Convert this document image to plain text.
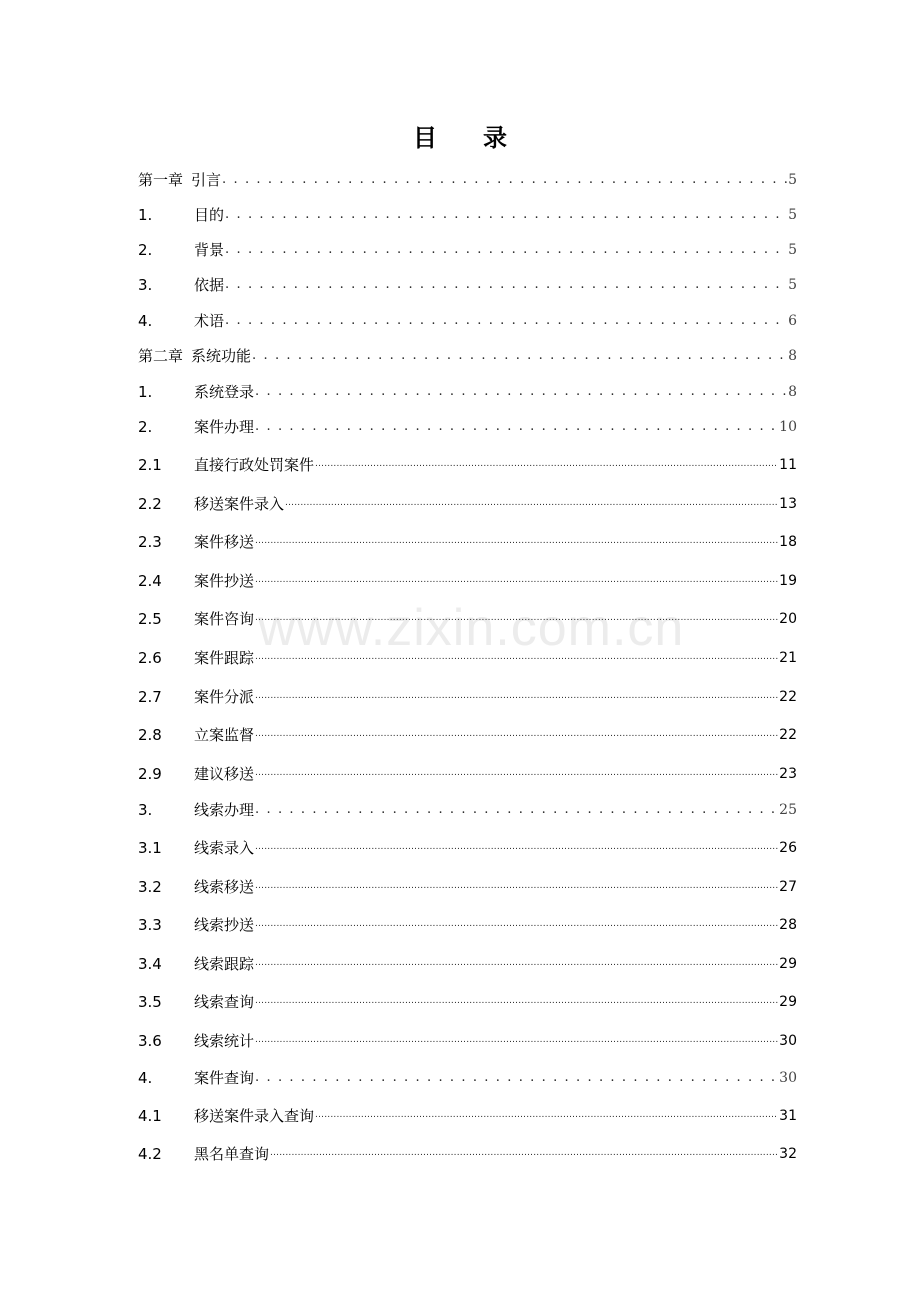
www.zixin.com.cn
目 录
第一章 引言 . . .	5
1.	目的 . . .	5
2.	背景 . . .	5
3.	依据 . . .	5
4.	术语 . . .	6
第二章 系统功能 . . .	8
1.	系统登录 . . .	8
2.	案件办理 . . .	10
2.1	直接行政处罚案件 .....	11
2.2	移送案件录入 .....	13
2.3	案件移送 .....	18
2.4	案件抄送 .....	19
2.5	案件咨询 .....	20
2.6	案件跟踪 .....	21
2.7	案件分派 .....	22
2.8	立案监督 .....	22
2.9	建议移送 .....	23
3.	线索办理 . . .	25
3.1	线索录入 .....	26
3.2	线索移送 .....	27
3.3	线索抄送 .....	28
3.4	线索跟踪 .....	29
3.5	线索查询 .....	29
3.6	线索统计 .....	30
4.	案件查询 . . .	30
4.1	移送案件录入查询 .....	31
4.2	黑名单查询 .....	32
